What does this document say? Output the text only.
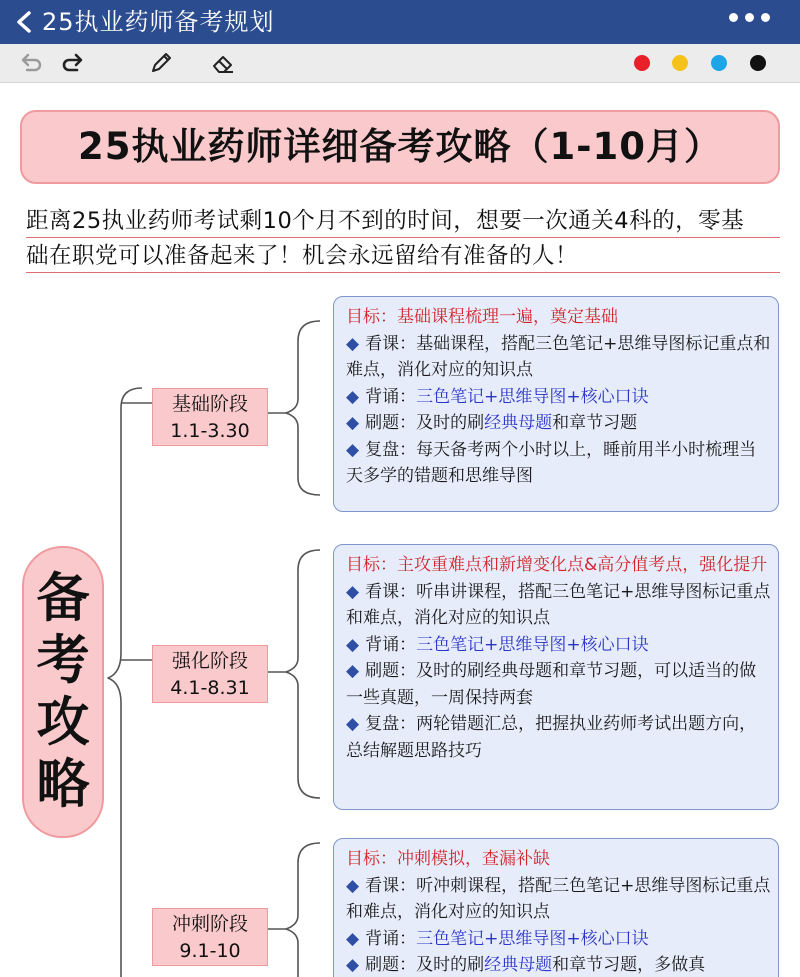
25执业药师备考规划
25执业药师详细备考攻略（1-10月）
距离25执业药师考试剩10个月不到的时间，想要一次通关4科的，零基
础在职党可以准备起来了！机会永远留给有准备的人！
备
考
攻
略
基础阶段
1.1-3.30

目标：基础课程梳理一遍，奠定基础

◆ 看课：基础课程，搭配三色笔记+思维导图标记重点和难点，消化对应的知识点

◆ 背诵：三色笔记+思维导图+核心口诀

◆ 刷题：及时的刷经典母题和章节习题

◆ 复盘：每天备考两个小时以上，睡前用半小时梳理当天多学的错题和思维导图

强化阶段
4.1-8.31

目标：主攻重难点和新增变化点&高分值考点，强化提升

◆ 看课：听串讲课程，搭配三色笔记+思维导图标记重点和难点，消化对应的知识点

◆ 背诵：三色笔记+思维导图+核心口诀

◆ 刷题：及时的刷经典母题和章节习题，可以适当的做一些真题，一周保持两套

◆ 复盘：两轮错题汇总，把握执业药师考试出题方向，总结解题思路技巧

冲刺阶段
9.1-10

目标：冲刺模拟，查漏补缺

◆ 看课：听冲刺课程，搭配三色笔记+思维导图标记重点和难点，消化对应的知识点

◆ 背诵：三色笔记+思维导图+核心口诀

◆ 刷题：及时的刷经典母题和章节习题，多做真
